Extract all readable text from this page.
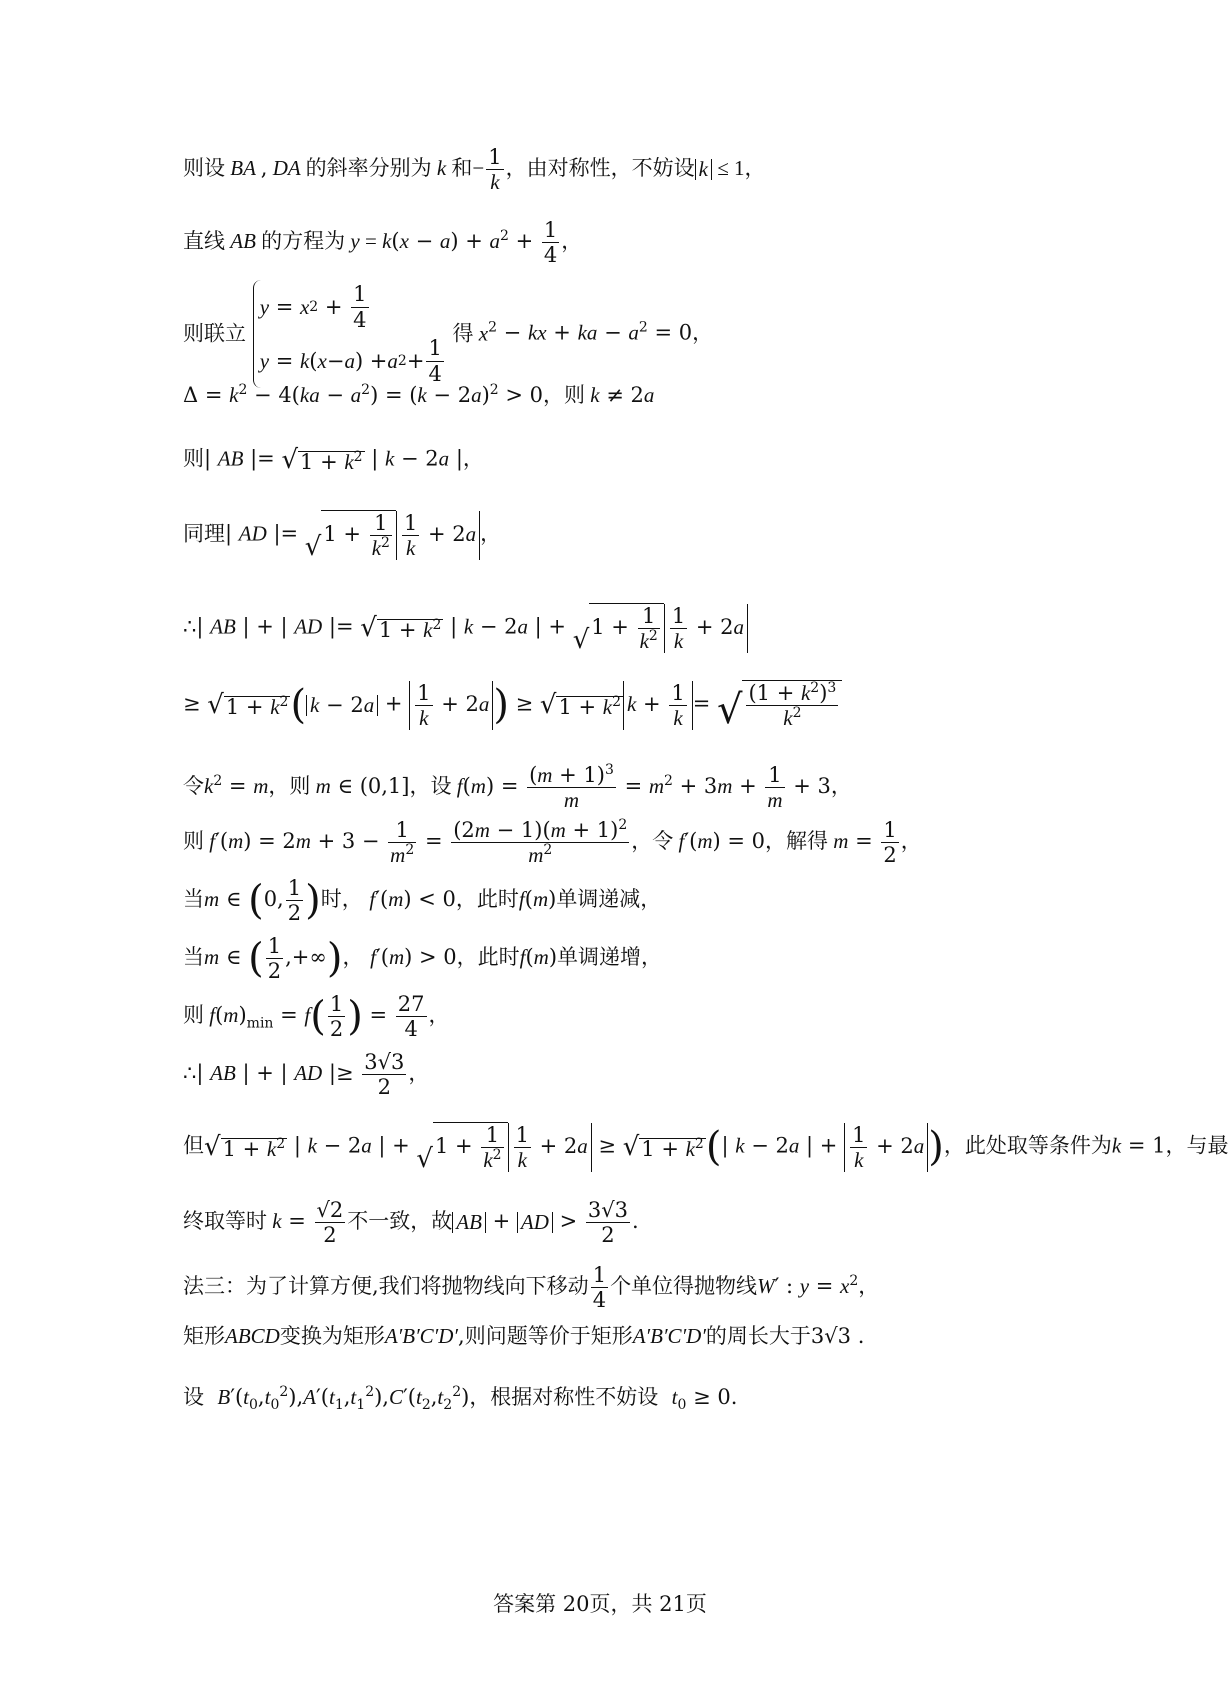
则设 BA , DA 的斜率分别为 k 和− $\frac{1}{k}$ ，由对称性，不妨设 k ≤ 1，
直线 AB 的方程为 $y = k(x - a) + a^2 + \frac{1}{4}$ ，
则联立
y = x $2 + \frac{1}{4}$
y = k ( x − a ) + a $2 + \frac{1}{4}$
得 $x^2$ − kx + ka − $a^2 = 0$，
$\Delta = k^2 - 4(ka - a^2) = (k - 2a)^2 > 0$，则 k ≠ 2a
则| AB |= √ $1 + k^2$ | k − 2a |，
同理| AD |= √ $1 + \frac{1}{k^2} \frac{1}{k} + 2a$ ，
∴| AB | + | AD |= √ $1 + k^2$ | k − 2a | + √ $1 + \frac{1}{k^2} \frac{1}{k} + 2a$
≥ √ $1 + k^2$ ( $k - 2a + \frac{1}{k} + 2a$ ) ≥ √ $1 + k^2$ $k + \frac{1}{k}$ = √ $\frac{(1 + k^2)^3}{k^2}$
令$k^2 = m$，则 m ∈ (0,1]，设 $f(m) = \frac{(m + 1)^3}{m} = m^2 + 3m + \frac{1}{m} + 3$，
则 $f'(m) = 2m + 3 - \frac{1}{m^2} = \frac{(2m - 1)(m + 1)^2}{m^2}$ ，令 f′(m) = 0，解得 $m = \frac{1}{2}$ ，
当m ∈ (0, $\frac{1}{2}$ )时， f′(m) < 0，此时f(m)单调递减，
当m ∈ ( $\frac{1}{2}$ ,+∞)， f′(m) > 0，此时f(m)单调递增，
则 $f(m)_{min} = f( \frac{1}{2}$ ) = $\frac{27}{4}$ ，
∴| AB | + | AD |≥ $\frac{3√3}{2}$ ，
但 √ $1 + k^2$ | k − 2a | + √ $1 + \frac{1}{k^2} \frac{1}{k} + 2a$ ≥ √ $1 + k^2$ (| k − 2a | + $\frac{1}{k} + 2a$ )，此处取等条件为k = 1，与最
终取等时 $k = \frac{√2}{2}$ 不一致，故 AB + AD > $\frac{3√3}{2}$ .
法三：为了计算方便,我们将抛物线向下移动 $\frac{1}{4}$ 个单位得抛物线W′ : $y = x^2$，
矩形ABCD变换为矩形A′B′C′D′,则问题等价于矩形A′B′C′D′的周长大于3√3 .
设 $B'(t_0,t_0^2),A'(t_1,t_1^2),C'(t_2,t_2^2)$，根据对称性不妨设 $t_0 \ge 0$.
答案第 20页，共 21页
